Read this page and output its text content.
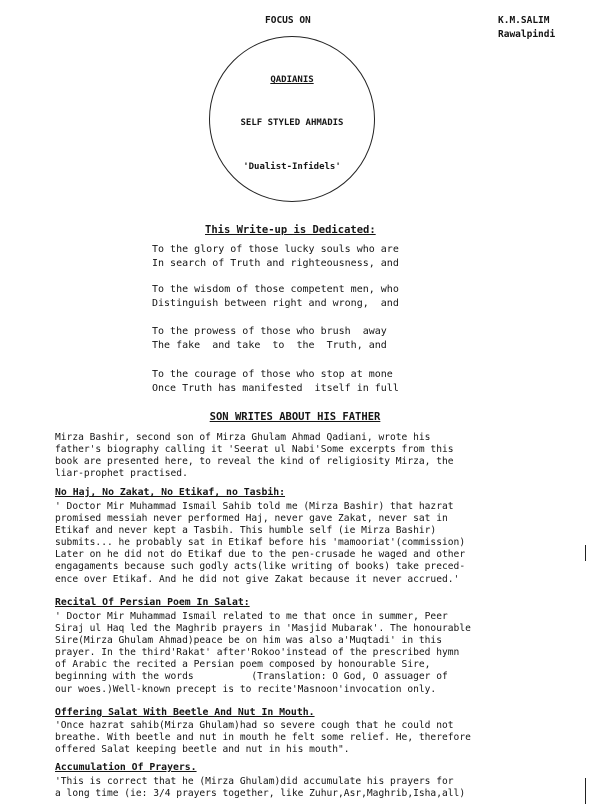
FOCUS ON	K.M.SALIM
Rawalpindi
QADIANIS
SELF STYLED AHMADIS
'Dualist-Infidels'
This Write-up is Dedicated:
To the glory of those lucky souls who are
In search of Truth and righteousness, and
To the wisdom of those competent men, who
Distinguish between right and wrong,  and
To the prowess of those who brush  away
The fake  and take  to  the  Truth, and
To the courage of those who stop at mone
Once Truth has manifested  itself in full
SON WRITES ABOUT HIS FATHER
Mirza Bashir, second son of Mirza Ghulam Ahmad Qadiani, wrote his
father's biography calling it 'Seerat ul Nabi'Some excerpts from this
book are presented here, to reveal the kind of religiosity Mirza, the
liar-prophet practised.
No Haj, No Zakat, No Etikaf, no Tasbih:
' Doctor Mir Muhammad Ismail Sahib told me (Mirza Bashir) that hazrat
promised messiah never performed Haj, never gave Zakat, never sat in
Etikaf and never kept a Tasbih. This humble self (ie Mirza Bashir)
submits... he probably sat in Etikaf before his 'mamooriat'(commission)
Later on he did not do Etikaf due to the pen-crusade he waged and other
engagaments because such godly acts(like writing of books) take preced-
ence over Etikaf. And he did not give Zakat because it never accrued.'
Recital Of Persian Poem In Salat:
' Doctor Mir Muhammad Ismail related to me that once in summer, Peer
Siraj ul Haq led the Maghrib prayers in 'Masjid Mubarak'. The honourable
Sire(Mirza Ghulam Ahmad)peace be on him was also a'Muqtadi' in this
prayer. In the third'Rakat' after'Rokoo'instead of the prescribed hymn
of Arabic the recited a Persian poem composed by honourable Sire,
beginning with the words          (Translation: O God, O assuager of
our woes.)Well-known precept is to recite'Masnoon'invocation only.
Offering Salat With Beetle And Nut In Mouth.
'Once hazrat sahib(Mirza Ghulam)had so severe cough that he could not
breathe. With beetle and nut in mouth he felt some relief. He, therefore
offered Salat keeping beetle and nut in his mouth".
Accumulation Of Prayers.
'This is correct that he (Mirza Ghulam)did accumulate his prayers for
a long time (ie: 3/4 prayers together, like Zuhur,Asr,Maghrib,Isha,all)
